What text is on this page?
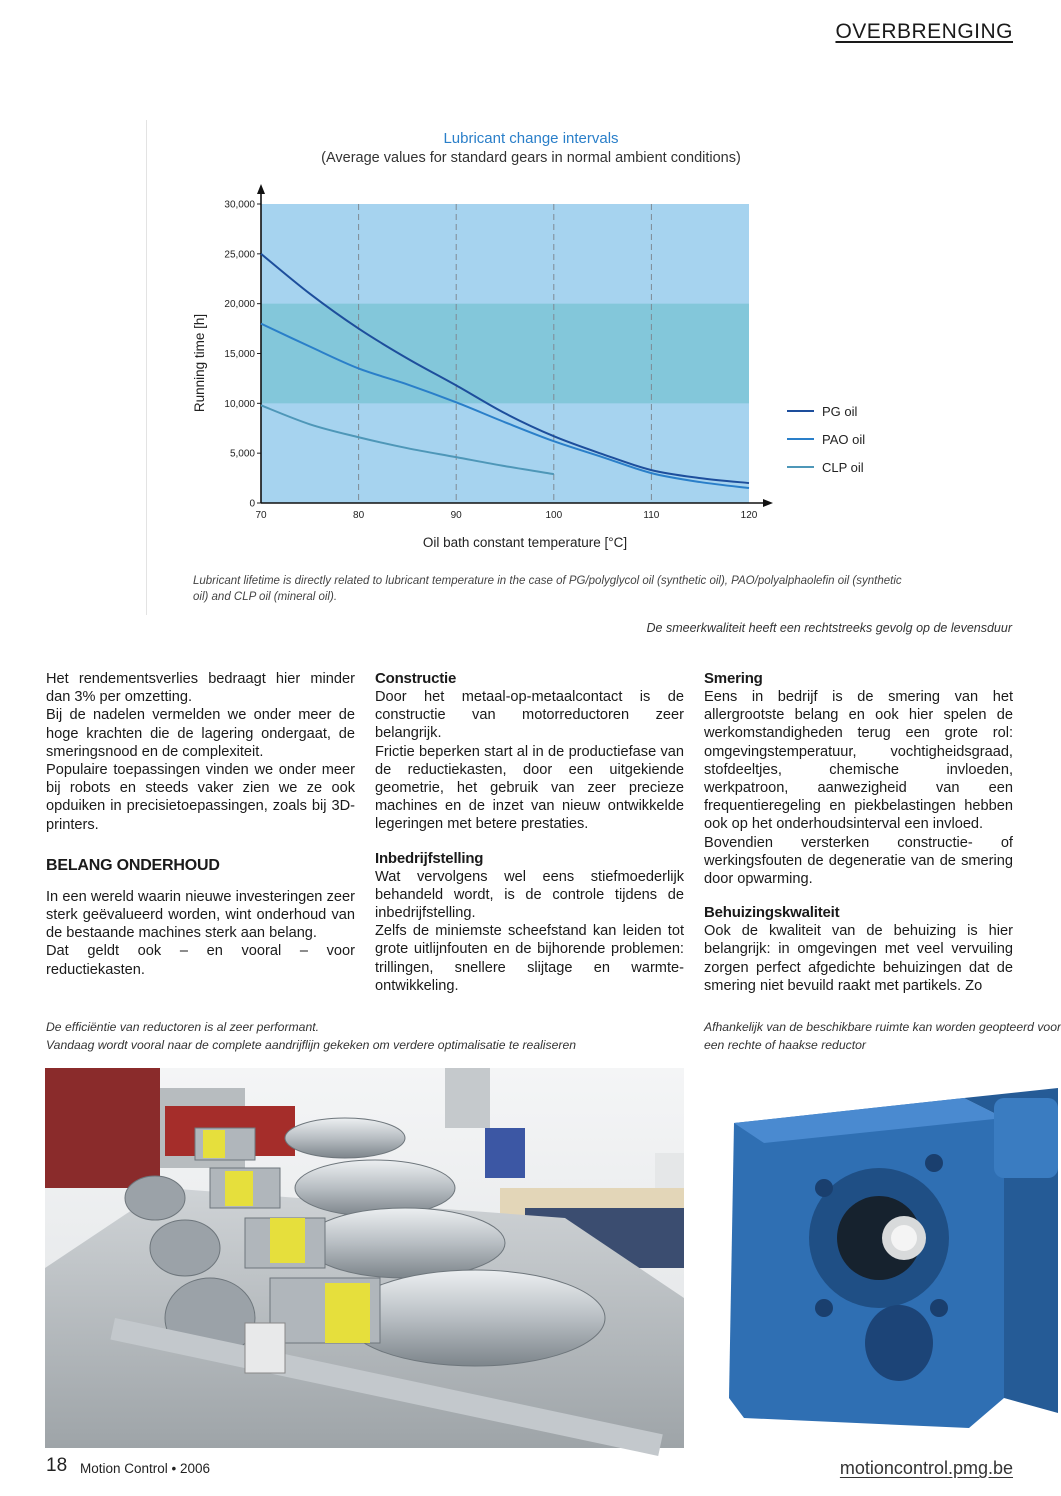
OVERBRENGING
Lubricant change intervals
(Average values for standard gears in normal ambient conditions)
70	80	90	100	110	120
0
5,000
10,000
15,000
20,000
25,000
30,000
PG oil
PAO oil
CLP oil
Oil bath constant temperature [°C]
Running time [h]
Lubricant lifetime is directly related to lubricant temperature in the case of PG/polyglycol oil (synthetic oil), PAO/polyalphaolefin oil (synthetic oil) and CLP oil (mineral oil).
De smeerkwaliteit heeft een rechtstreeks gevolg op de levensduur

Het rendementsverlies bedraagt hier minder dan 3% per omzetting.

Bij de nadelen vermelden we onder meer de hoge krachten die de lagering ondergaat, de smeringsnood en de complexiteit.

Populaire toepassingen vinden we onder meer bij robots en steeds vaker zien we ze ook opduiken in precisietoepassingen, zoals bij 3D-printers.

BELANG ONDERHOUD

In een wereld waarin nieuwe investeringen zeer sterk geëvalueerd worden, wint onderhoud van de bestaande machines sterk aan belang.

Dat geldt ook – en vooral – voor reductiekasten.

Constructie

Door het metaal-op-metaalcontact is de constructie van motorreductoren zeer belangrijk.

Frictie beperken start al in de productiefase van de reductiekasten, door een uitgekiende geometrie, het gebruik van zeer precieze machines en de inzet van nieuw ontwikkelde legeringen met betere prestaties.

Inbedrijfstelling

Wat vervolgens wel eens stiefmoederlijk behandeld wordt, is de controle tijdens de inbedrijfstelling.

Zelfs de miniemste scheefstand kan leiden tot grote uitlijnfouten en de bijhorende problemen: trillingen, snellere slijtage en warmte-ontwikkeling.

Smering

Eens in bedrijf is de smering van het allergrootste belang en ook hier spelen de werkomstandigheden terug een grote rol: omgevingstemperatuur, vochtigheidsgraad, stofdeeltjes, chemische invloeden, werkpatroon, aanwezigheid van een frequentieregeling en piekbelastingen hebben ook op het onderhoudsinterval een invloed.

Bovendien versterken constructie- of werkingsfouten de degeneratie van de smering door opwarming.

Behuizingskwaliteit

Ook de kwaliteit van de behuizing is hier belangrijk: in omgevingen met veel vervuiling zorgen perfect afgedichte behuizingen dat de smering niet bevuild raakt met partikels. Zo

De efficiëntie van reductoren is al zeer performant.
Vandaag wordt vooral naar de complete aandrijflijn gekeken om verdere optimalisatie te realiseren
Afhankelijk van de beschikbare ruimte kan worden geopteerd voor
een rechte of haakse reductor
18 Motion Control • 2006	motioncontrol.pmg.be
